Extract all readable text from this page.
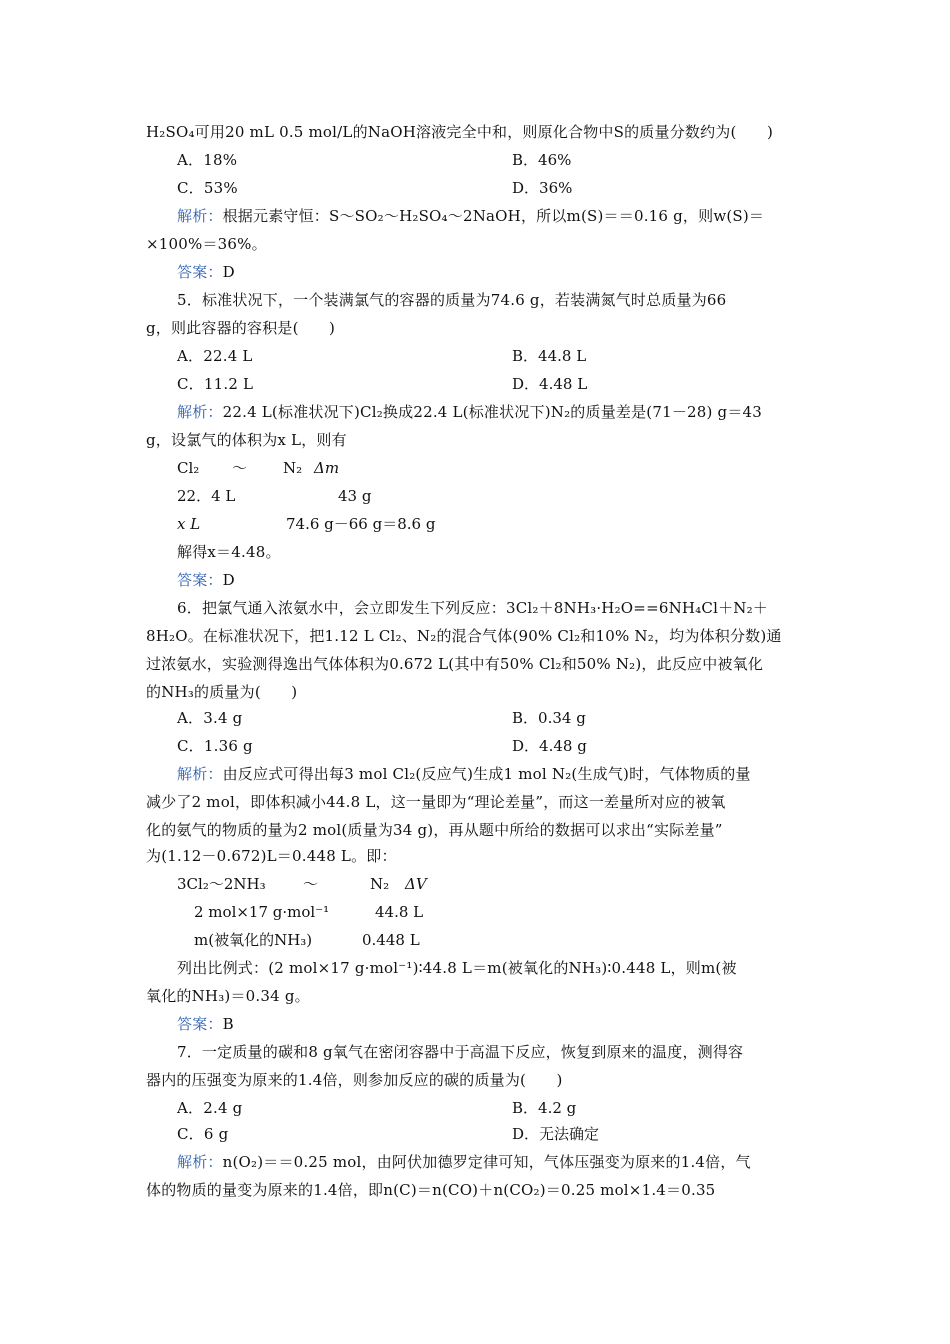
H₂SO₄可用20 mL 0.5 mol/L的NaOH溶液完全中和，则原化合物中S的质量分数约为(　　)
A．18%	B．46%
C．53%	D．36%
解析：根据元素守恒：S～SO₂～H₂SO₄～2NaOH，所以m(S)＝＝0.16 g，则w(S)＝
×100%＝36%。
答案：D
5．标准状况下，一个装满氯气的容器的质量为74.6 g，若装满氮气时总质量为66
g，则此容器的容积是(　　)
A．22.4 L	B．44.8 L
C．11.2 L	D．4.48 L
解析：22.4 L(标准状况下)Cl₂换成22.4 L(标准状况下)N₂的质量差是(71－28) g＝43
g，设氯气的体积为x L，则有
Cl₂ ～ N₂ Δm
22．4 L	43 g
x L	74.6 g－66 g＝8.6 g
解得x＝4.48。
答案：D
6．把氯气通入浓氨水中，会立即发生下列反应：3Cl₂＋8NH₃·H₂O==6NH₄Cl＋N₂＋
8H₂O。在标准状况下，把1.12 L Cl₂、N₂的混合气体(90% Cl₂和10% N₂，均为体积分数)通
过浓氨水，实验测得逸出气体体积为0.672 L(其中有50% Cl₂和50% N₂)，此反应中被氧化
的NH₃的质量为(　　)
A．3.4 g	B．0.34 g
C．1.36 g	D．4.48 g
解析：由反应式可得出每3 mol Cl₂(反应气)生成1 mol N₂(生成气)时，气体物质的量
减少了2 mol，即体积减小44.8 L，这一量即为“理论差量”，而这一差量所对应的被氧
化的氨气的物质的量为2 mol(质量为34 g)，再从题中所给的数据可以求出“实际差量”
为(1.12－0.672)L＝0.448 L。即：
3Cl₂～2NH₃ ～	N₂ ΔV
2 mol×17 g·mol⁻¹	44.8 L
m(被氧化的NH₃)	0.448 L
列出比例式：(2 mol×17 g·mol⁻¹)∶44.8 L＝m(被氧化的NH₃)∶0.448 L，则m(被
氧化的NH₃)＝0.34 g。
答案：B
7．一定质量的碳和8 g氧气在密闭容器中于高温下反应，恢复到原来的温度，测得容
器内的压强变为原来的1.4倍，则参加反应的碳的质量为(　　)
A．2.4 g	B．4.2 g
C．6 g	D．无法确定
解析：n(O₂)＝＝0.25 mol，由阿伏加德罗定律可知，气体压强变为原来的1.4倍，气
体的物质的量变为原来的1.4倍，即n(C)＝n(CO)＋n(CO₂)＝0.25 mol×1.4＝0.35
